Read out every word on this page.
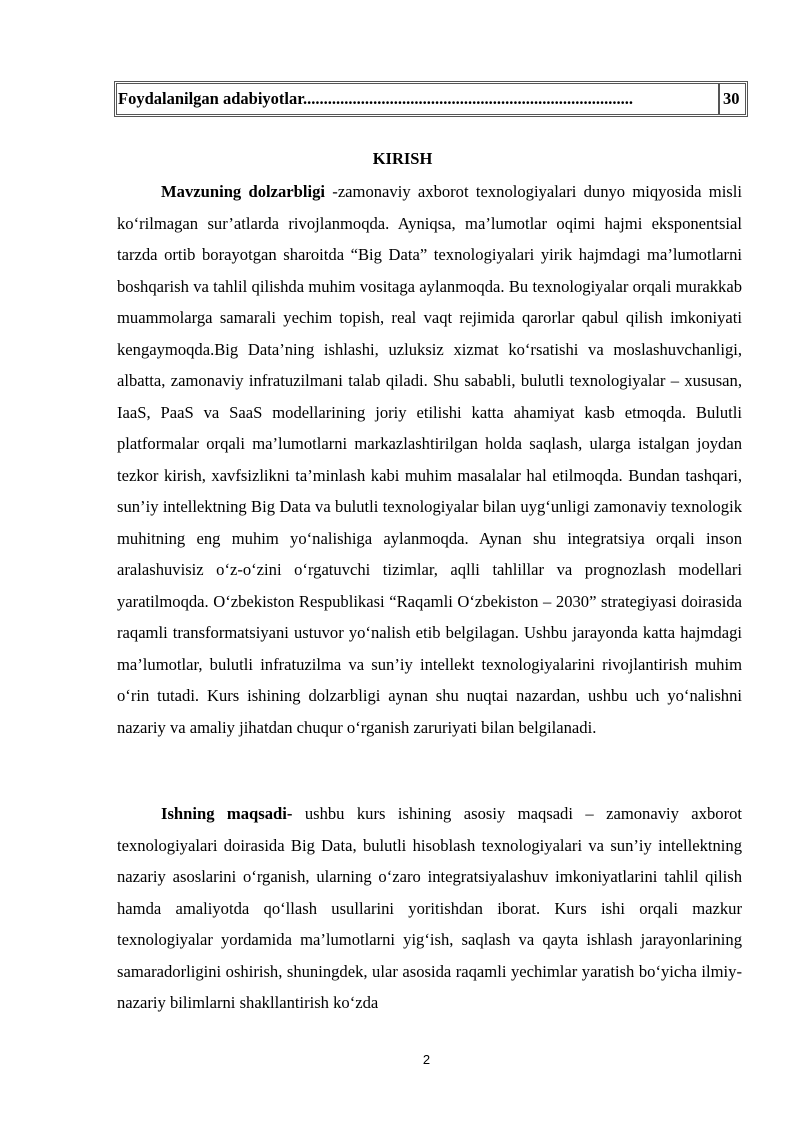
Foydalanilgan adabiyotlar................................................................................	30
KIRISH

Mavzuning dolzarbligi -zamonaviy axborot texnologiyalari dunyo miqyosida misli ko‘rilmagan sur’atlarda rivojlanmoqda. Ayniqsa, ma’lumotlar oqimi hajmi eksponentsial tarzda ortib borayotgan sharoitda “Big Data” texnologiyalari yirik hajmdagi ma’lumotlarni boshqarish va tahlil qilishda muhim vositaga aylanmoqda. Bu texnologiyalar orqali murakkab muammolarga samarali yechim topish, real vaqt rejimida qarorlar qabul qilish imkoniyati kengaymoqda.Big Data’ning ishlashi, uzluksiz xizmat ko‘rsatishi va moslashuvchanligi, albatta, zamonaviy infratuzilmani talab qiladi. Shu sababli, bulutli texnologiyalar – xususan, IaaS, PaaS va SaaS modellarining joriy etilishi katta ahamiyat kasb etmoqda. Bulutli platformalar orqali ma’lumotlarni markazlashtirilgan holda saqlash, ularga istalgan joydan tezkor kirish, xavfsizlikni ta’minlash kabi muhim masalalar hal etilmoqda. Bundan tashqari, sun’iy intellektning Big Data va bulutli texnologiyalar bilan uyg‘unligi zamonaviy texnologik muhitning eng muhim yo‘nalishiga aylanmoqda. Aynan shu integratsiya orqali inson aralashuvisiz o‘z-o‘zini o‘rgatuvchi tizimlar, aqlli tahlillar va prognozlash modellari yaratilmoqda. O‘zbekiston Respublikasi “Raqamli O‘zbekiston – 2030” strategiyasi doirasida raqamli transformatsiyani ustuvor yo‘nalish etib belgilagan. Ushbu jarayonda katta hajmdagi ma’lumotlar, bulutli infratuzilma va sun’iy intellekt texnologiyalarini rivojlantirish muhim o‘rin tutadi. Kurs ishining dolzarbligi aynan shu nuqtai nazardan, ushbu uch yo‘nalishni nazariy va amaliy jihatdan chuqur o‘rganish zaruriyati bilan belgilanadi.

Ishning maqsadi- ushbu kurs ishining asosiy maqsadi – zamonaviy axborot texnologiyalari doirasida Big Data, bulutli hisoblash texnologiyalari va sun’iy intellektning nazariy asoslarini o‘rganish, ularning o‘zaro integratsiyalashuv imkoniyatlarini tahlil qilish hamda amaliyotda qo‘llash usullarini yoritishdan iborat. Kurs ishi orqali mazkur texnologiyalar yordamida ma’lumotlarni yig‘ish, saqlash va qayta ishlash jarayonlarining samaradorligini oshirish, shuningdek, ular asosida raqamli yechimlar yaratish bo‘yicha ilmiy-nazariy bilimlarni shakllantirish ko‘zda

2
